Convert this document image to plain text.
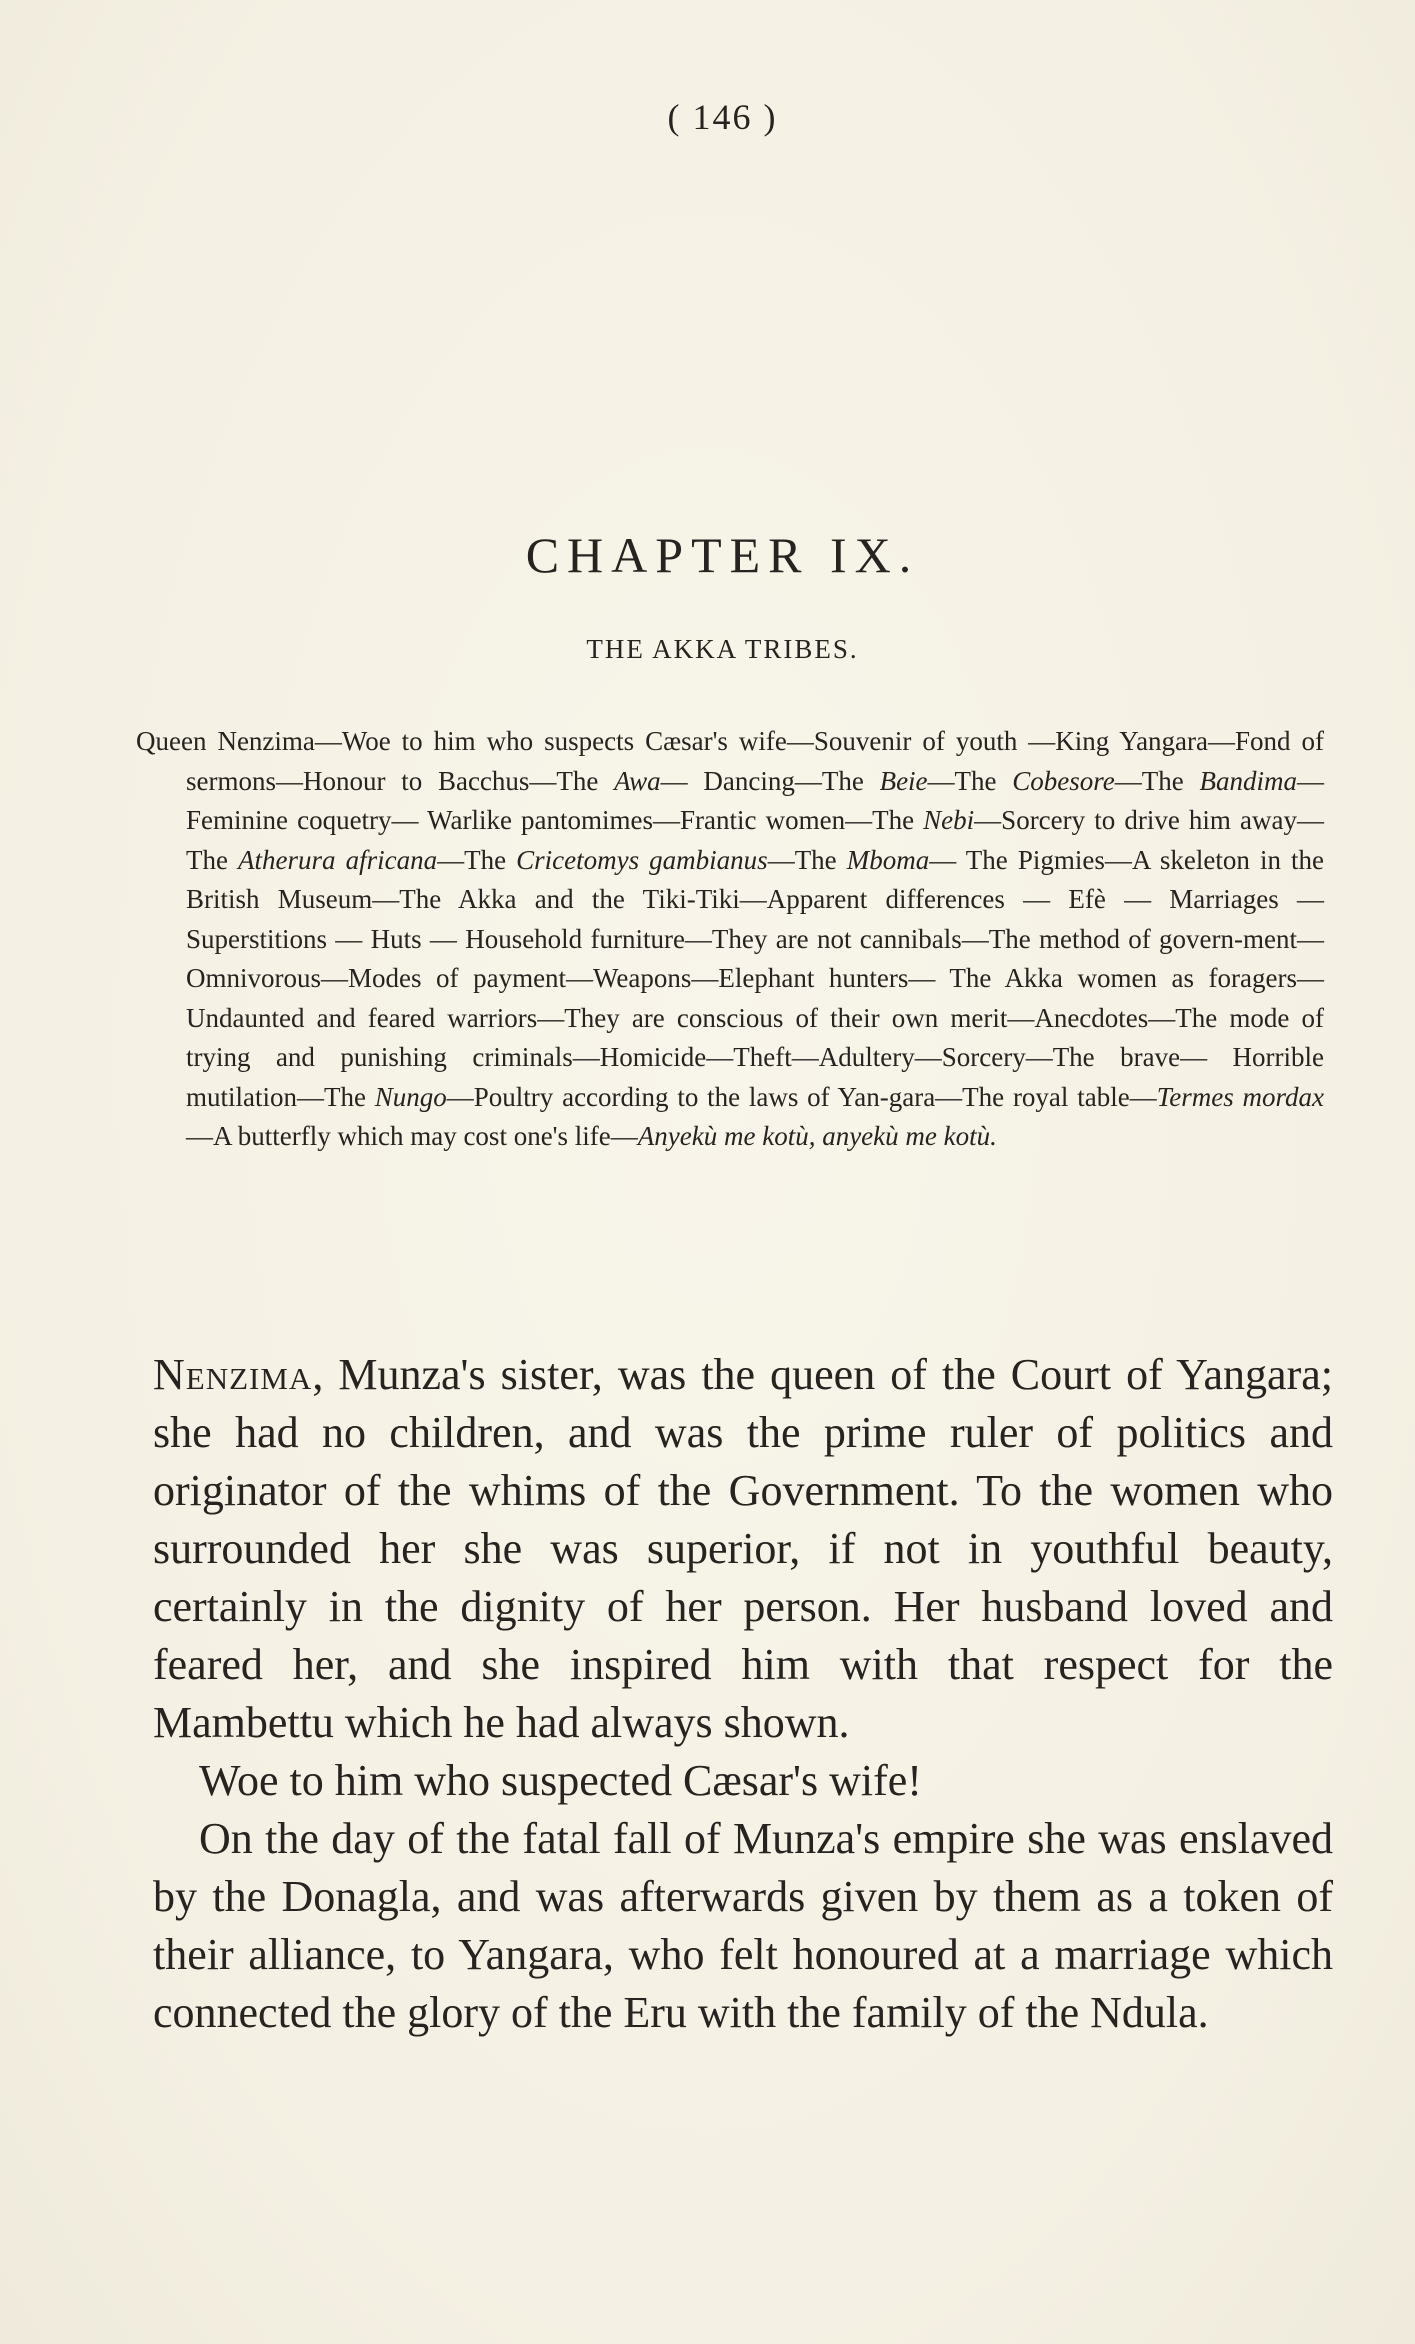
( 146 )
CHAPTER IX.
THE AKKA TRIBES.

Queen Nenzima—Woe to him who suspects Cæsar's wife—Souvenir of youth —King Yangara—Fond of sermons—Honour to Bacchus—The Awa— Dancing—The Beie—The Cobesore—The Bandima—Feminine coquetry— Warlike pantomimes—Frantic women—The Nebi—Sorcery to drive him away—The Atherura africana—The Cricetomys gambianus—The Mboma— The Pigmies—A skeleton in the British Museum—The Akka and the Tiki-Tiki—Apparent differences — Efè — Marriages — Superstitions — Huts — Household furniture—They are not cannibals—The method of govern-ment—Omnivorous—Modes of payment—Weapons—Elephant hunters— The Akka women as foragers—Undaunted and feared warriors—They are conscious of their own merit—Anecdotes—The mode of trying and punishing criminals—Homicide—Theft—Adultery—Sorcery—The brave— Horrible mutilation—The Nungo—Poultry according to the laws of Yan-gara—The royal table—Termes mordax—A butterfly which may cost one's life—Anyekù me kotù, anyekù me kotù.

Nenzima, Munza's sister, was the queen of the Court of Yangara; she had no children, and was the prime ruler of politics and originator of the whims of the Government. To the women who surrounded her she was superior, if not in youthful beauty, certainly in the dignity of her person. Her husband loved and feared her, and she inspired him with that respect for the Mambettu which he had always shown.

Woe to him who suspected Cæsar's wife!

On the day of the fatal fall of Munza's empire she was enslaved by the Donagla, and was afterwards given by them as a token of their alliance, to Yangara, who felt honoured at a marriage which connected the glory of the Eru with the family of the Ndula.
